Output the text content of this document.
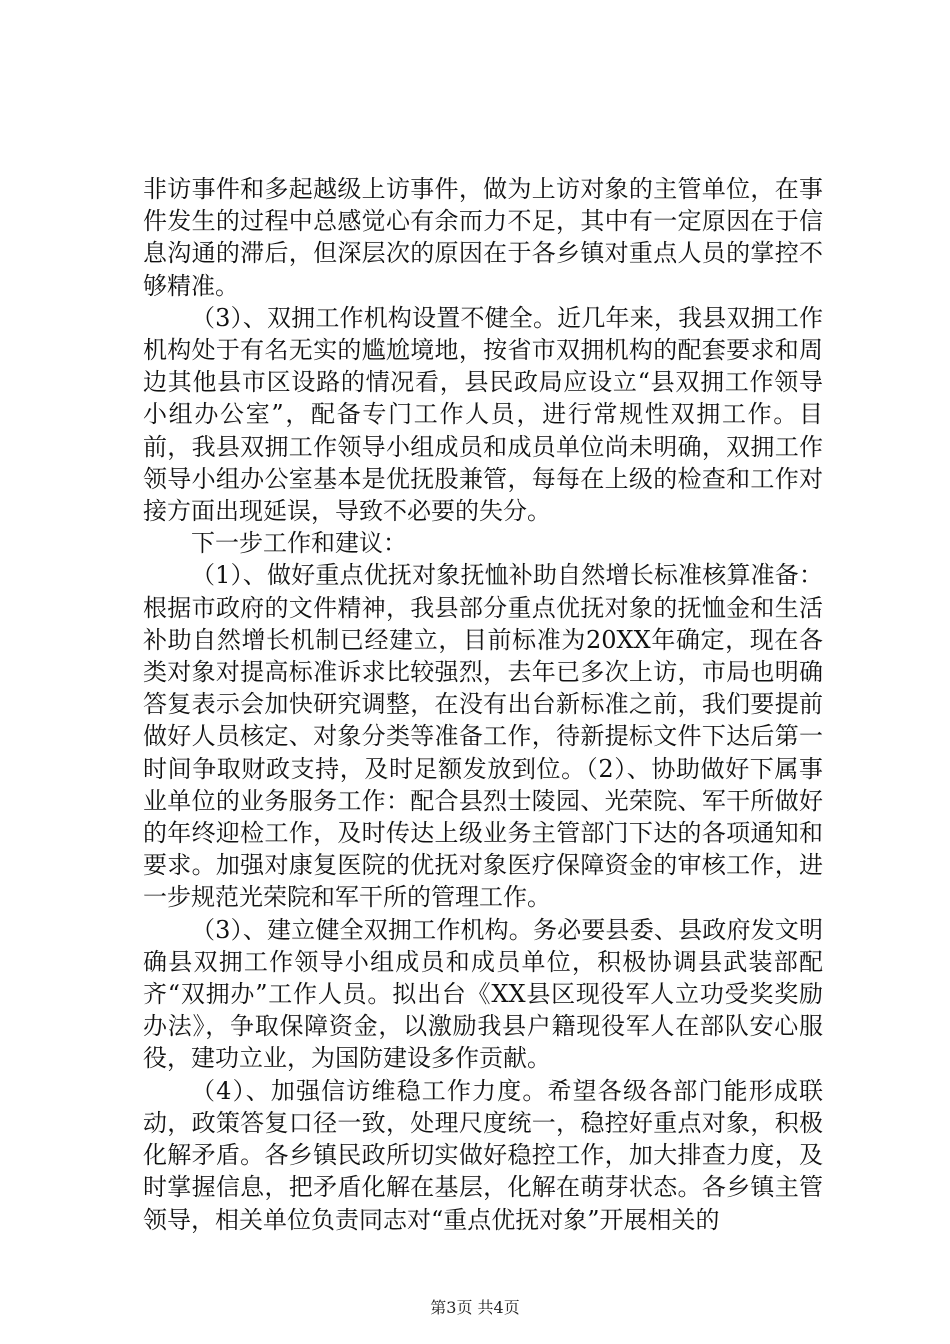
非访事件和多起越级上访事件，做为上访对象的主管单位，在事件发生的过程中总感觉心有余而力不足，其中有一定原因在于信息沟通的滞后，但深层次的原因在于各乡镇对重点人员的掌控不够精准。

（3）、双拥工作机构设置不健全。近几年来，我县双拥工作机构处于有名无实的尴尬境地，按省市双拥机构的配套要求和周边其他县市区设路的情况看，县民政局应设立“县双拥工作领导小组办公室”，配备专门工作人员，进行常规性双拥工作。目前，我县双拥工作领导小组成员和成员单位尚未明确，双拥工作领导小组办公室基本是优抚股兼管，每每在上级的检查和工作对接方面出现延误，导致不必要的失分。

下一步工作和建议：

（1）、做好重点优抚对象抚恤补助自然增长标准核算准备：根据市政府的文件精神，我县部分重点优抚对象的抚恤金和生活补助自然增长机制已经建立，目前标准为20XX年确定，现在各类对象对提高标准诉求比较强烈，去年已多次上访，市局也明确答复表示会加快研究调整，在没有出台新标准之前，我们要提前做好人员核定、对象分类等准备工作，待新提标文件下达后第一时间争取财政支持，及时足额发放到位。（2）、协助做好下属事业单位的业务服务工作：配合县烈士陵园、光荣院、军干所做好的年终迎检工作，及时传达上级业务主管部门下达的各项通知和要求。加强对康复医院的优抚对象医疗保障资金的审核工作，进一步规范光荣院和军干所的管理工作。

（3）、建立健全双拥工作机构。务必要县委、县政府发文明确县双拥工作领导小组成员和成员单位，积极协调县武装部配齐“双拥办”工作人员。拟出台《XX县区现役军人立功受奖奖励办法》，争取保障资金，以激励我县户籍现役军人在部队安心服役，建功立业，为国防建设多作贡献。

（4）、加强信访维稳工作力度。希望各级各部门能形成联动，政策答复口径一致，处理尺度统一，稳控好重点对象，积极化解矛盾。各乡镇民政所切实做好稳控工作，加大排查力度，及时掌握信息，把矛盾化解在基层，化解在萌芽状态。各乡镇主管领导，相关单位负责同志对“重点优抚对象”开展相关的

第3页 共4页
